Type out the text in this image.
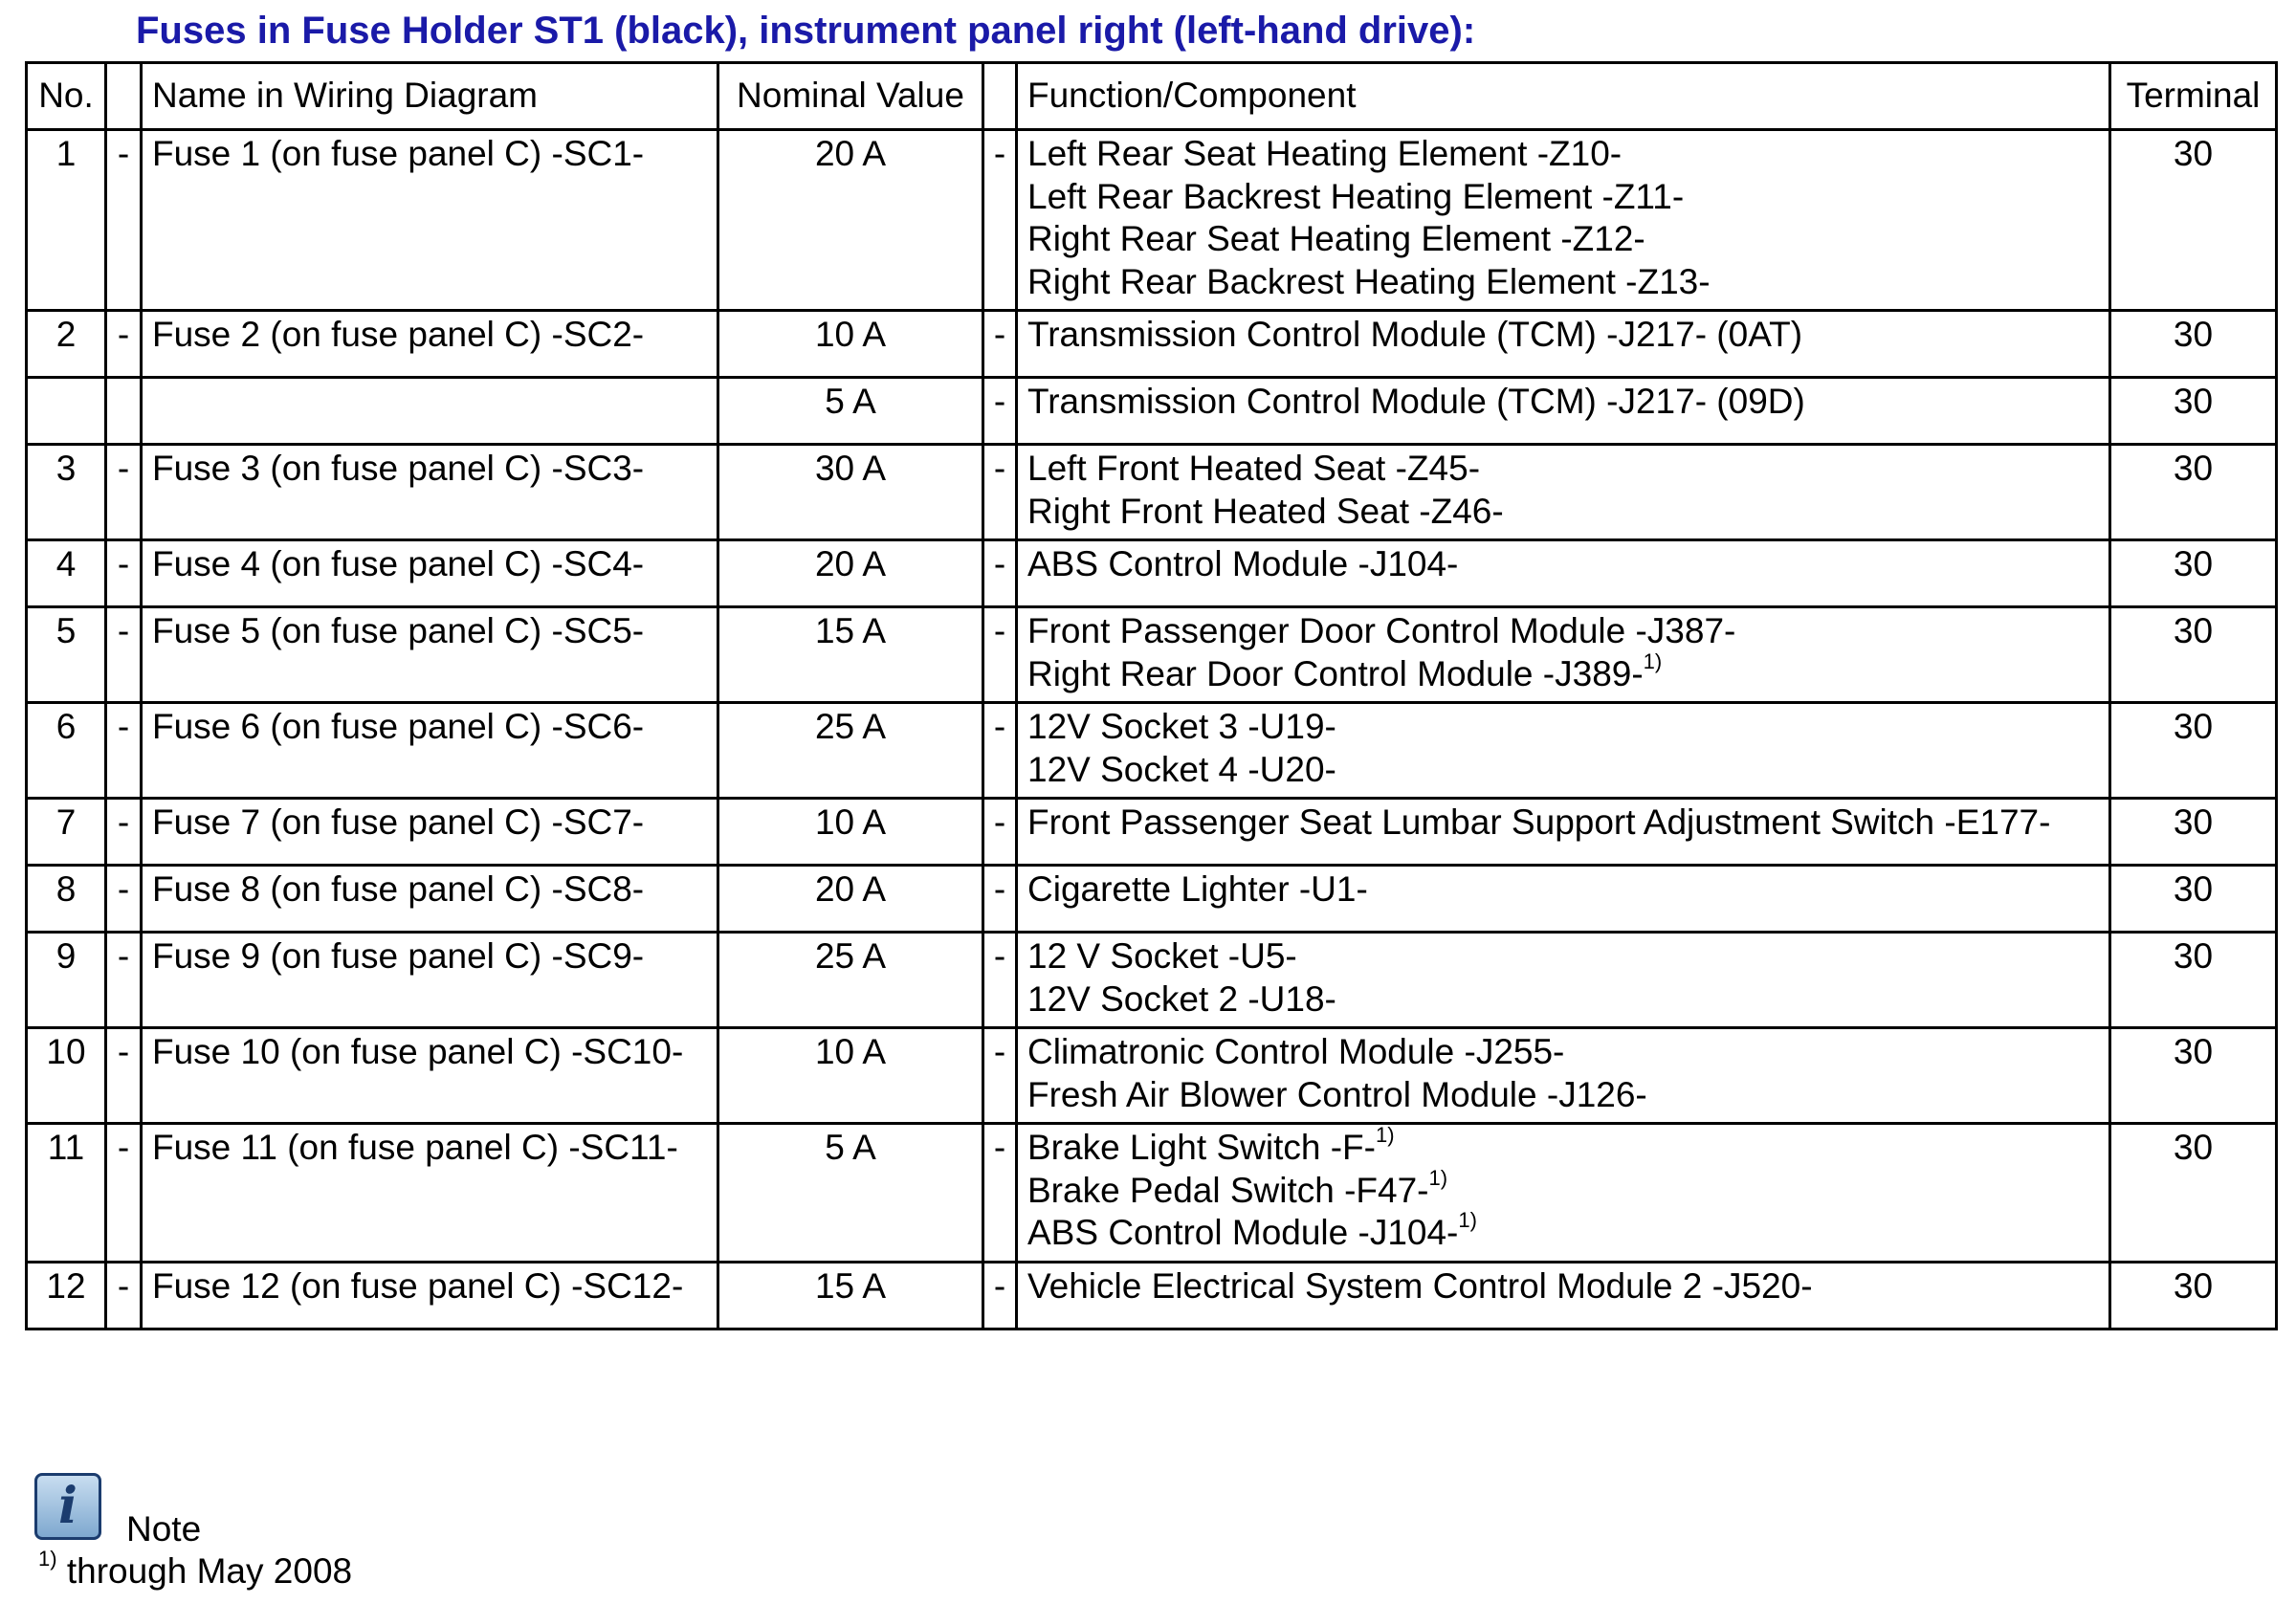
Fuses in Fuse Holder ST1 (black), instrument panel right (left-hand drive):
No.		Name in Wiring Diagram	Nominal Value		Function/Component	Terminal
1	-	Fuse 1 (on fuse panel C) -SC1-	20 A	-	Left Rear Seat Heating Element -Z10-
Left Rear Backrest Heating Element -Z11-
Right Rear Seat Heating Element -Z12-
Right Rear Backrest Heating Element -Z13-	30
2	-	Fuse 2 (on fuse panel C) -SC2-	10 A	-	Transmission Control Module (TCM) -J217- (0AT)	30
			5 A	-	Transmission Control Module (TCM) -J217- (09D)	30
3	-	Fuse 3 (on fuse panel C) -SC3-	30 A	-	Left Front Heated Seat -Z45-
Right Front Heated Seat -Z46-	30
4	-	Fuse 4 (on fuse panel C) -SC4-	20 A	-	ABS Control Module -J104-	30
5	-	Fuse 5 (on fuse panel C) -SC5-	15 A	-	Front Passenger Door Control Module -J387-
Right Rear Door Control Module -J389-$^{1)}$	30
6	-	Fuse 6 (on fuse panel C) -SC6-	25 A	-	12V Socket 3 -U19-
12V Socket 4 -U20-	30
7	-	Fuse 7 (on fuse panel C) -SC7-	10 A	-	Front Passenger Seat Lumbar Support Adjustment Switch -E177-	30
8	-	Fuse 8 (on fuse panel C) -SC8-	20 A	-	Cigarette Lighter -U1-	30
9	-	Fuse 9 (on fuse panel C) -SC9-	25 A	-	12 V Socket -U5-
12V Socket 2 -U18-	30
10	-	Fuse 10 (on fuse panel C) -SC10-	10 A	-	Climatronic Control Module -J255-
Fresh Air Blower Control Module -J126-	30
11	-	Fuse 11 (on fuse panel C) -SC11-	5 A	-	Brake Light Switch -F-$^{1)}$
Brake Pedal Switch -F47-$^{1)}$
ABS Control Module -J104-$^{1)}$	30
12	-	Fuse 12 (on fuse panel C) -SC12-	15 A	-	Vehicle Electrical System Control Module 2 -J520-	30
i	Note
$^{1)}$ through May 2008
